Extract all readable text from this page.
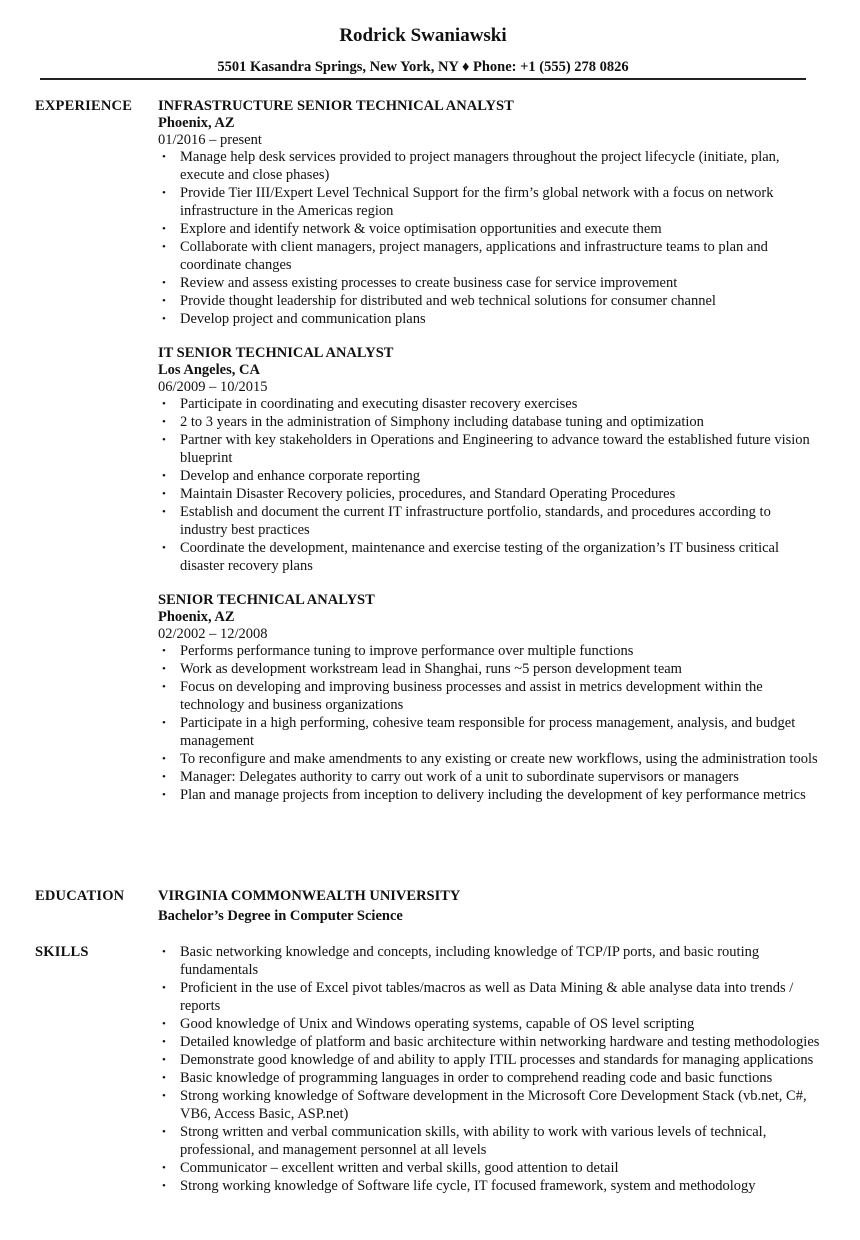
Rodrick Swaniawski
5501 Kasandra Springs, New York, NY ♦ Phone: +1 (555) 278 0826
EXPERIENCE	INFRASTRUCTURE SENIOR TECHNICAL ANALYST
Phoenix, AZ
01/2016 – present
• Manage help desk services provided to project managers throughout the project lifecycle (initiate, plan, execute and close phases)
• Provide Tier III/Expert Level Technical Support for the firm’s global network with a focus on network infrastructure in the Americas region
• Explore and identify network & voice optimisation opportunities and execute them
• Collaborate with client managers, project managers, applications and infrastructure teams to plan and coordinate changes
• Review and assess existing processes to create business case for service improvement
• Provide thought leadership for distributed and web technical solutions for consumer channel
• Develop project and communication plans
IT SENIOR TECHNICAL ANALYST
Los Angeles, CA
06/2009 – 10/2015
• Participate in coordinating and executing disaster recovery exercises
• 2 to 3 years in the administration of Simphony including database tuning and optimization
• Partner with key stakeholders in Operations and Engineering to advance toward the established future vision blueprint
• Develop and enhance corporate reporting
• Maintain Disaster Recovery policies, procedures, and Standard Operating Procedures
• Establish and document the current IT infrastructure portfolio, standards, and procedures according to industry best practices
• Coordinate the development, maintenance and exercise testing of the organization’s IT business critical disaster recovery plans
SENIOR TECHNICAL ANALYST
Phoenix, AZ
02/2002 – 12/2008
• Performs performance tuning to improve performance over multiple functions
• Work as development workstream lead in Shanghai, runs ~5 person development team
• Focus on developing and improving business processes and assist in metrics development within the technology and business organizations
• Participate in a high performing, cohesive team responsible for process management, analysis, and budget management
• To reconfigure and make amendments to any existing or create new workflows, using the administration tools
• Manager: Delegates authority to carry out work of a unit to subordinate supervisors or managers
• Plan and manage projects from inception to delivery including the development of key performance metrics
EDUCATION	VIRGINIA COMMONWEALTH UNIVERSITY
Bachelor’s Degree in Computer Science
SKILLS	• Basic networking knowledge and concepts, including knowledge of TCP/IP ports, and basic routing fundamentals
• Proficient in the use of Excel pivot tables/macros as well as Data Mining & able analyse data into trends / reports
• Good knowledge of Unix and Windows operating systems, capable of OS level scripting
• Detailed knowledge of platform and basic architecture within networking hardware and testing methodologies
• Demonstrate good knowledge of and ability to apply ITIL processes and standards for managing applications
• Basic knowledge of programming languages in order to comprehend reading code and basic functions
• Strong working knowledge of Software development in the Microsoft Core Development Stack (vb.net, C#, VB6, Access Basic, ASP.net)
• Strong written and verbal communication skills, with ability to work with various levels of technical, professional, and management personnel at all levels
• Communicator – excellent written and verbal skills, good attention to detail
• Strong working knowledge of Software life cycle, IT focused framework, system and methodology
